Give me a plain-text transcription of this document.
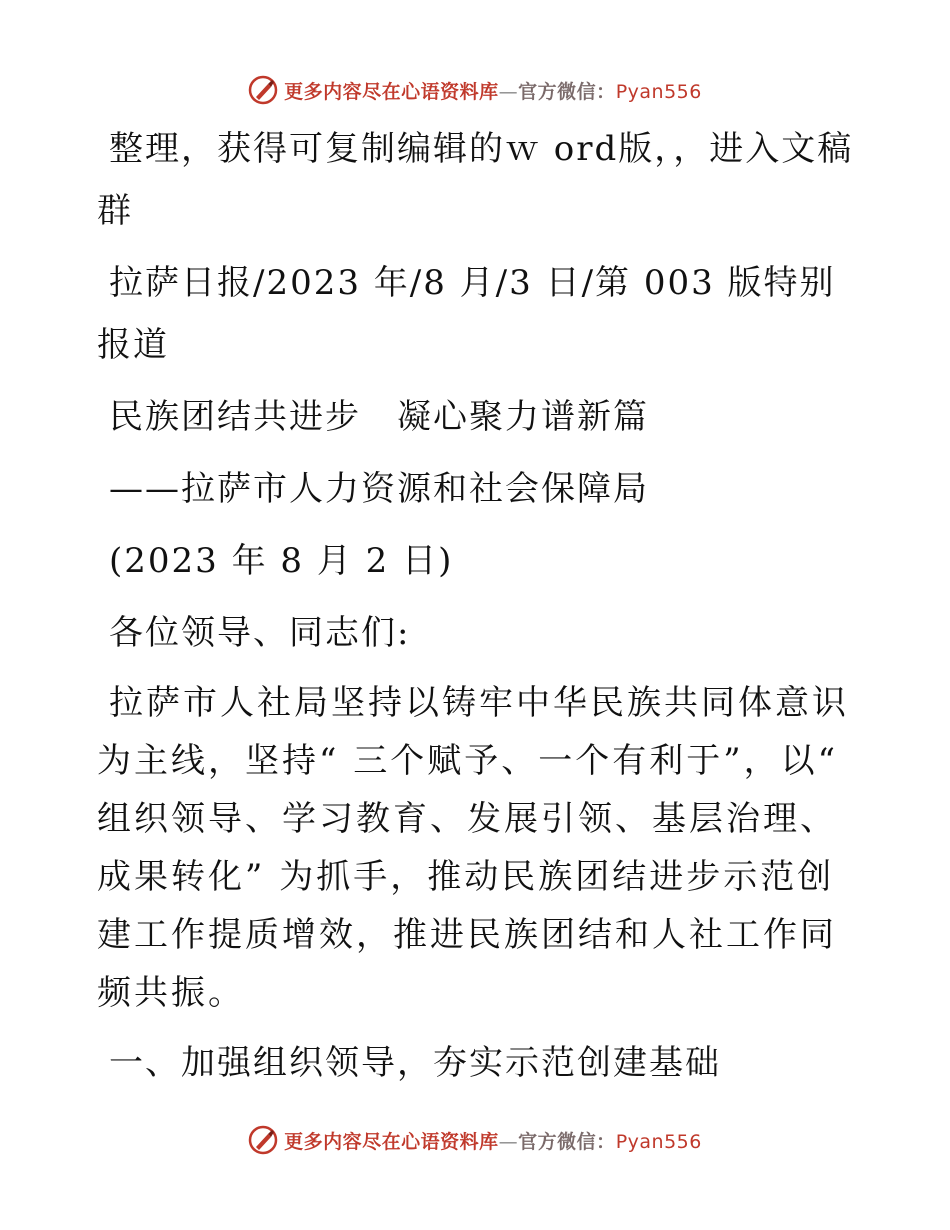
更多内容尽在心语资料库—官方微信：Pyan556

整理，获得可复制编辑的ｗ ord版，，进入文稿群

拉萨日报/2023 年/8 月/3 日/第 003 版特别报道

民族团结共进步　凝心聚力谱新篇

——拉萨市人力资源和社会保障局

(2023 年 8 月 2 日)

各位领导、同志们:

拉萨市人社局坚持以铸牢中华民族共同体意识为主线，坚持“ 三个赋予、一个有利于”，以“ 组织领导、学习教育、发展引领、基层治理、成果转化” 为抓手，推动民族团结进步示范创建工作提质增效，推进民族团结和人社工作同频共振。

一、加强组织领导，夯实示范创建基础

更多内容尽在心语资料库—官方微信：Pyan556
